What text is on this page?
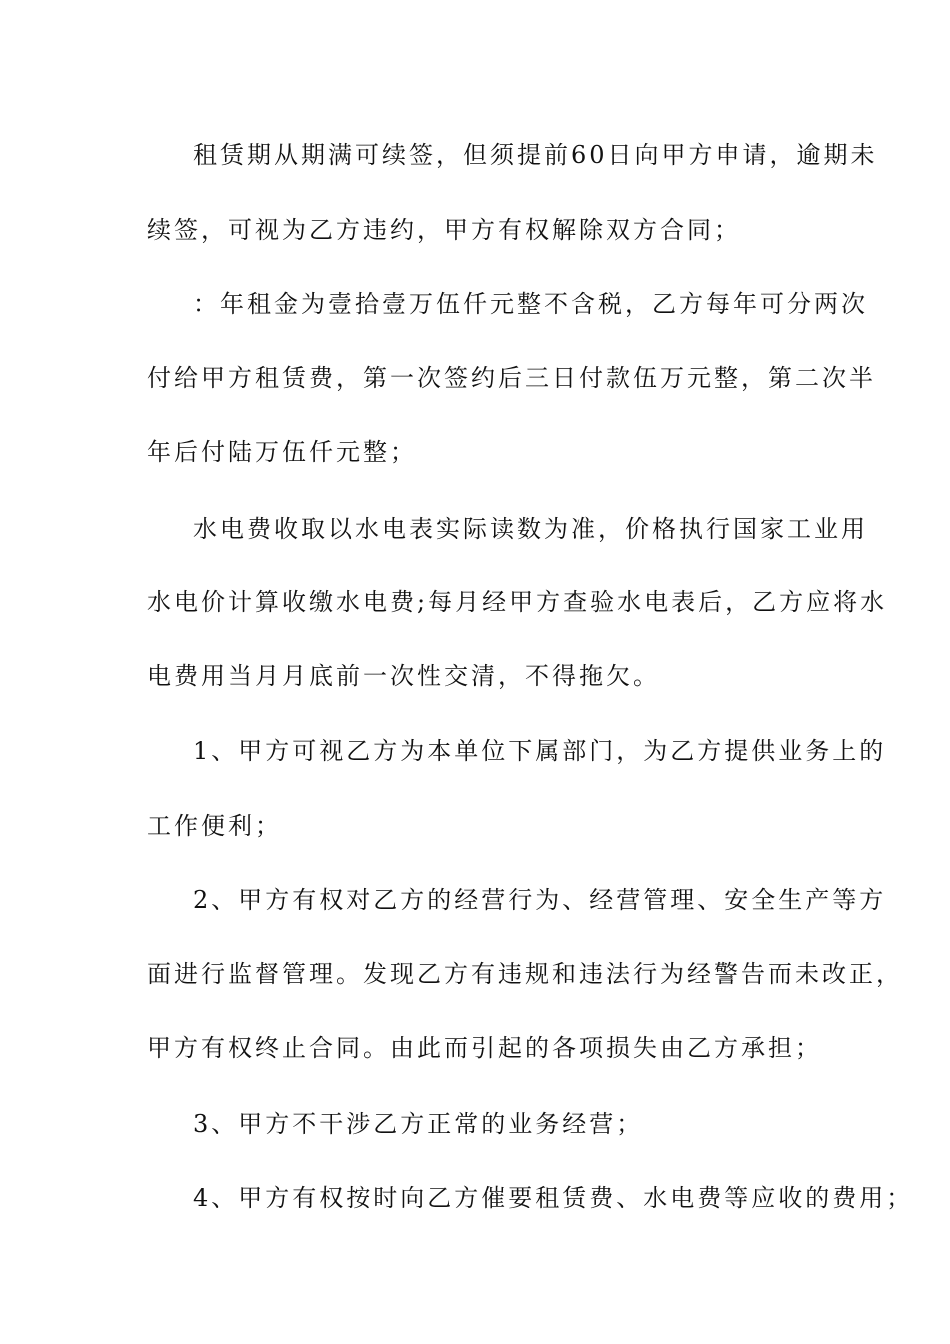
租赁期从期满可续签，但须提前60日向甲方申请，逾期未
续签，可视为乙方违约，甲方有权解除双方合同；
：年租金为壹拾壹万伍仟元整不含税，乙方每年可分两次
付给甲方租赁费，第一次签约后三日付款伍万元整，第二次半
年后付陆万伍仟元整；
水电费收取以水电表实际读数为准，价格执行国家工业用
水电价计算收缴水电费;每月经甲方查验水电表后，乙方应将水
电费用当月月底前一次性交清，不得拖欠。
1、甲方可视乙方为本单位下属部门，为乙方提供业务上的
工作便利；
2、甲方有权对乙方的经营行为、经营管理、安全生产等方
面进行监督管理。发现乙方有违规和违法行为经警告而未改正，
甲方有权终止合同。由此而引起的各项损失由乙方承担；
3、甲方不干涉乙方正常的业务经营；
4、甲方有权按时向乙方催要租赁费、水电费等应收的费用；
